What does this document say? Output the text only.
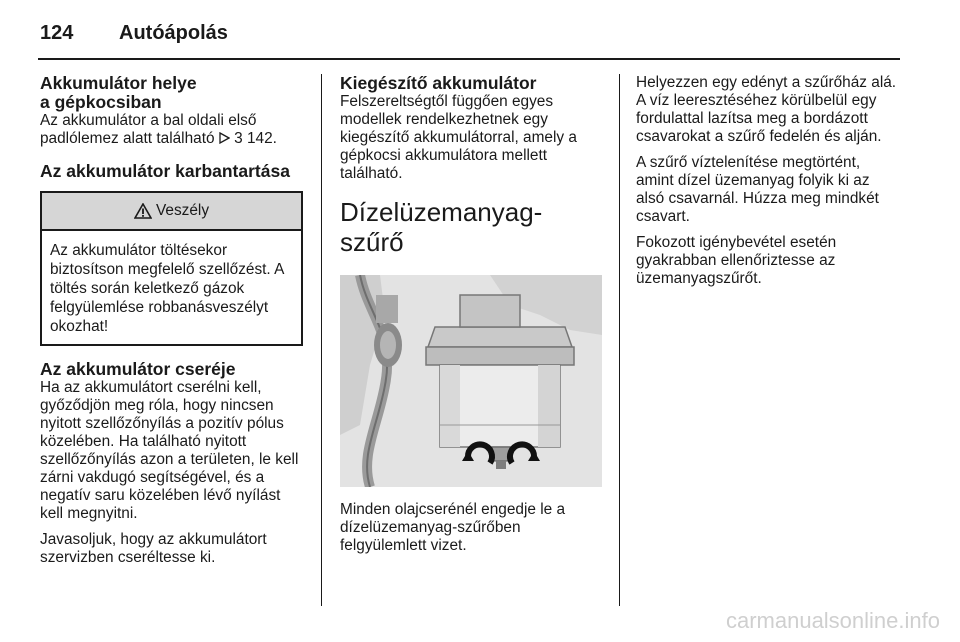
124 Autóápolás
Akkumulátor helye
a gépkocsiban

Az akkumulátor a bal oldali első padlólemez alatt található 3 142.

Az akkumulátor karbantartása
Veszély
Az akkumulátor töltésekor biztosítson megfelelő szellőzést. A töltés során keletkező gázok felgyülemlése robbanásveszélyt okozhat!
Az akkumulátor cseréje

Ha az akkumulátort cserélni kell, győződjön meg róla, hogy nincsen nyitott szellőzőnyílás a pozitív pólus közelében. Ha található nyitott szellőzőnyílás azon a területen, le kell zárni vakdugó segítségével, és a negatív saru közelében lévő nyílást kell megnyitni.

Javasoljuk, hogy az akkumulátort szervizben cseréltesse ki.

Kiegészítő akkumulátor

Felszereltségtől függően egyes modellek rendelkezhetnek egy kiegészítő akkumulátorral, amely a gépkocsi akkumulátora mellett található.

Dízelüzemanyag-szűrő

Minden olajcserénél engedje le a dízelüzemanyag-szűrőben felgyülemlett vizet.

Helyezzen egy edényt a szűrőház alá. A víz leeresztéséhez körülbelül egy fordulattal lazítsa meg a bordázott csavarokat a szűrő fedelén és alján.

A szűrő víztelenítése megtörtént, amint dízel üzemanyag folyik ki az alsó csavarnál. Húzza meg mindkét csavart.

Fokozott igénybevétel esetén gyakrabban ellenőriztesse az üzemanyagszűrőt.

carmanualsonline.info
